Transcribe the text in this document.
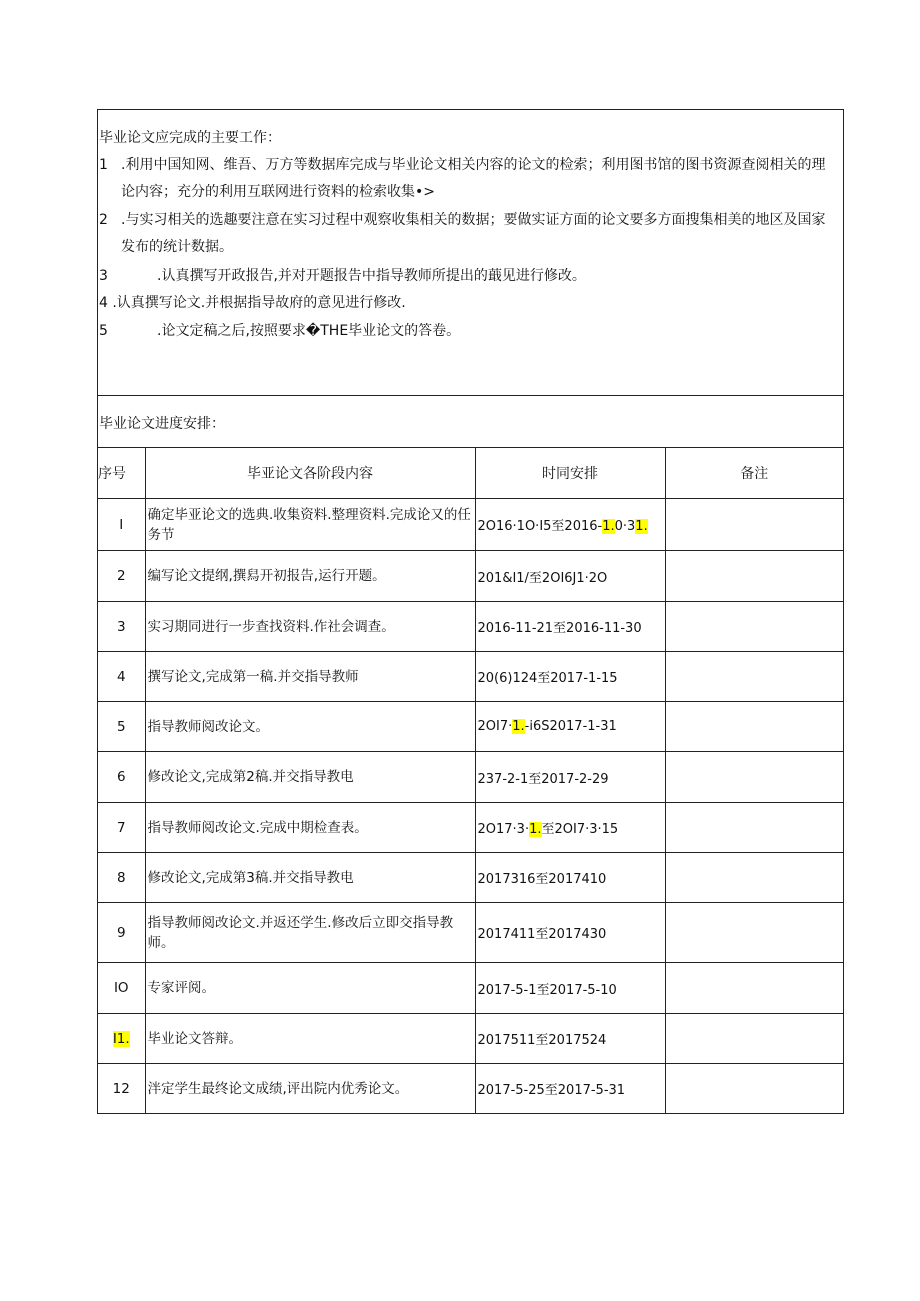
毕业论文应完成的主要工作：
1 .利用中国知网、维吾、万方等数据库完成与毕业论文相关内容的论文的检索；利用图书馆的图书资源查阅相关的理论内容；充分的利用互联网进行资料的检索收集•>
2 .与实习相关的选趣要注意在实习过程中观察收集相关的数据；要做实证方面的论文要多方面搜集相美的地区及国家发布的统计数据。
3	.认真撰写开政报告,并对开题报告中指导教师所提出的蕺见进行修改。
4 .认真撰写论文.并根据指导故府的意见进行修改.
5	.论文定稿之后,按照要求�THE毕业论文的答卷。
毕业论文进度安排：
序号	毕亚论文各阶段内容	时同安排	备注
I	确定毕亚论文的选典.收集资料.整理资料.完成论又的任务节	2O16·1O·I5至2016-1.0·31.	
2	编写论文提纲,撰舄开初报告,运行开题。	201&I1/至2OI6J1·2O	
3	实习期同进行一步查找资料.作社会调查。	2016-11-21至2016-11-30	
4	撰写论文,完成第一稿.并交指导教师	20(6)124至2017-1-15	
5	指导教师阅改论文。	2OI7·1.-i6S2017-1-31	
6	修改论文,完成第2稿.并交指导教电	237-2-1至2017-2-29	
7	指导教师阅改论文.完成中期检查表。	2O17·3·1.至2OI7·3·15	
8	修改论文,完成第3稿.并交指导教电	2017316至2017410	
9	指导教师阅改论文.并返还学生.修改后立即交指导教师。	2017411至2017430	
IO	专家评阅。	2017-5-1至2017-5-10	
I1.	毕业论文答辩。	2017511至2017524	
12	泮定学生最终论文成绩,评出院内优秀论文。	2017-5-25至2017-5-31	
